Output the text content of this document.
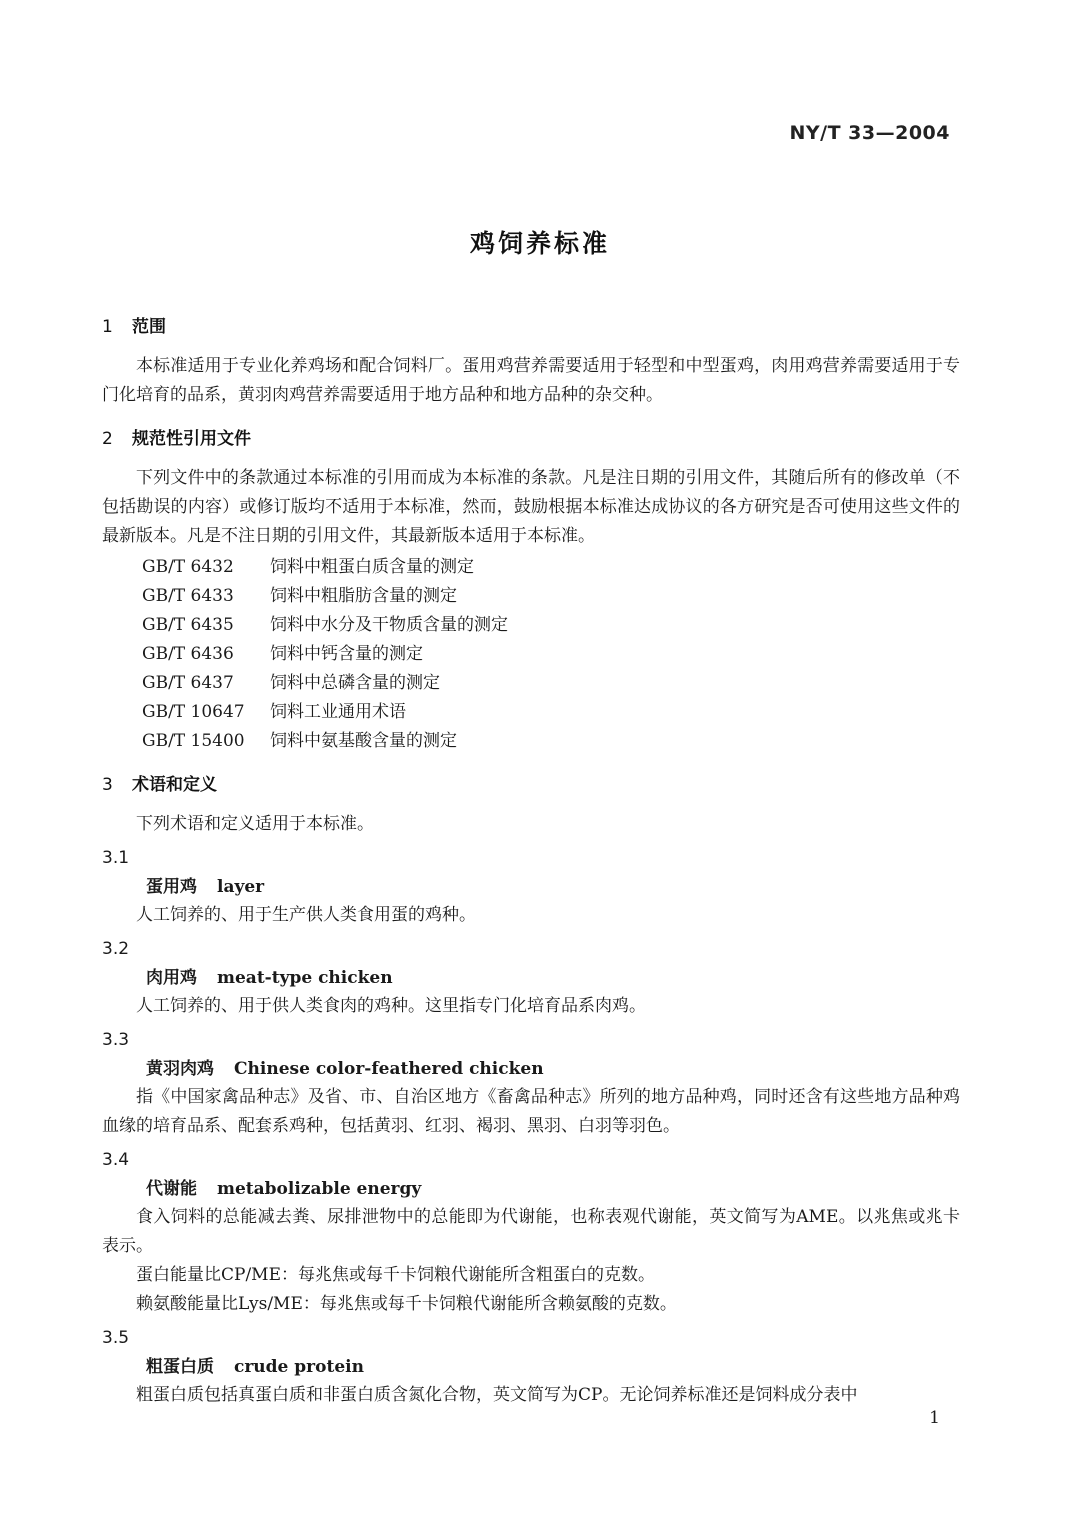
NY/T 33—2004
鸡饲养标准
1 范围

本标准适用于专业化养鸡场和配合饲料厂。蛋用鸡营养需要适用于轻型和中型蛋鸡，肉用鸡营养需要适用于专门化培育的品系，黄羽肉鸡营养需要适用于地方品种和地方品种的杂交种。

2 规范性引用文件

下列文件中的条款通过本标准的引用而成为本标准的条款。凡是注日期的引用文件，其随后所有的修改单（不包括勘误的内容）或修订版均不适用于本标准，然而，鼓励根据本标准达成协议的各方研究是否可使用这些文件的最新版本。凡是不注日期的引用文件，其最新版本适用于本标准。

GB/T 6432 饲料中粗蛋白质含量的测定
GB/T 6433 饲料中粗脂肪含量的测定
GB/T 6435 饲料中水分及干物质含量的测定
GB/T 6436 饲料中钙含量的测定
GB/T 6437 饲料中总磷含量的测定
GB/T 10647 饲料工业通用术语
GB/T 15400 饲料中氨基酸含量的测定
3 术语和定义

下列术语和定义适用于本标准。

3.1

蛋用鸡 layer

人工饲养的、用于生产供人类食用蛋的鸡种。

3.2

肉用鸡 meat-type chicken

人工饲养的、用于供人类食肉的鸡种。这里指专门化培育品系肉鸡。

3.3

黄羽肉鸡 Chinese color-feathered chicken

指《中国家禽品种志》及省、市、自治区地方《畜禽品种志》所列的地方品种鸡，同时还含有这些地方品种鸡血缘的培育品系、配套系鸡种，包括黄羽、红羽、褐羽、黑羽、白羽等羽色。

3.4

代谢能 metabolizable energy

食入饲料的总能减去粪、尿排泄物中的总能即为代谢能，也称表观代谢能，英文简写为AME。以兆焦或兆卡表示。

蛋白能量比CP/ME：每兆焦或每千卡饲粮代谢能所含粗蛋白的克数。

赖氨酸能量比Lys/ME：每兆焦或每千卡饲粮代谢能所含赖氨酸的克数。

3.5

粗蛋白质 crude protein

粗蛋白质包括真蛋白质和非蛋白质含氮化合物，英文简写为CP。无论饲养标准还是饲料成分表中

1
